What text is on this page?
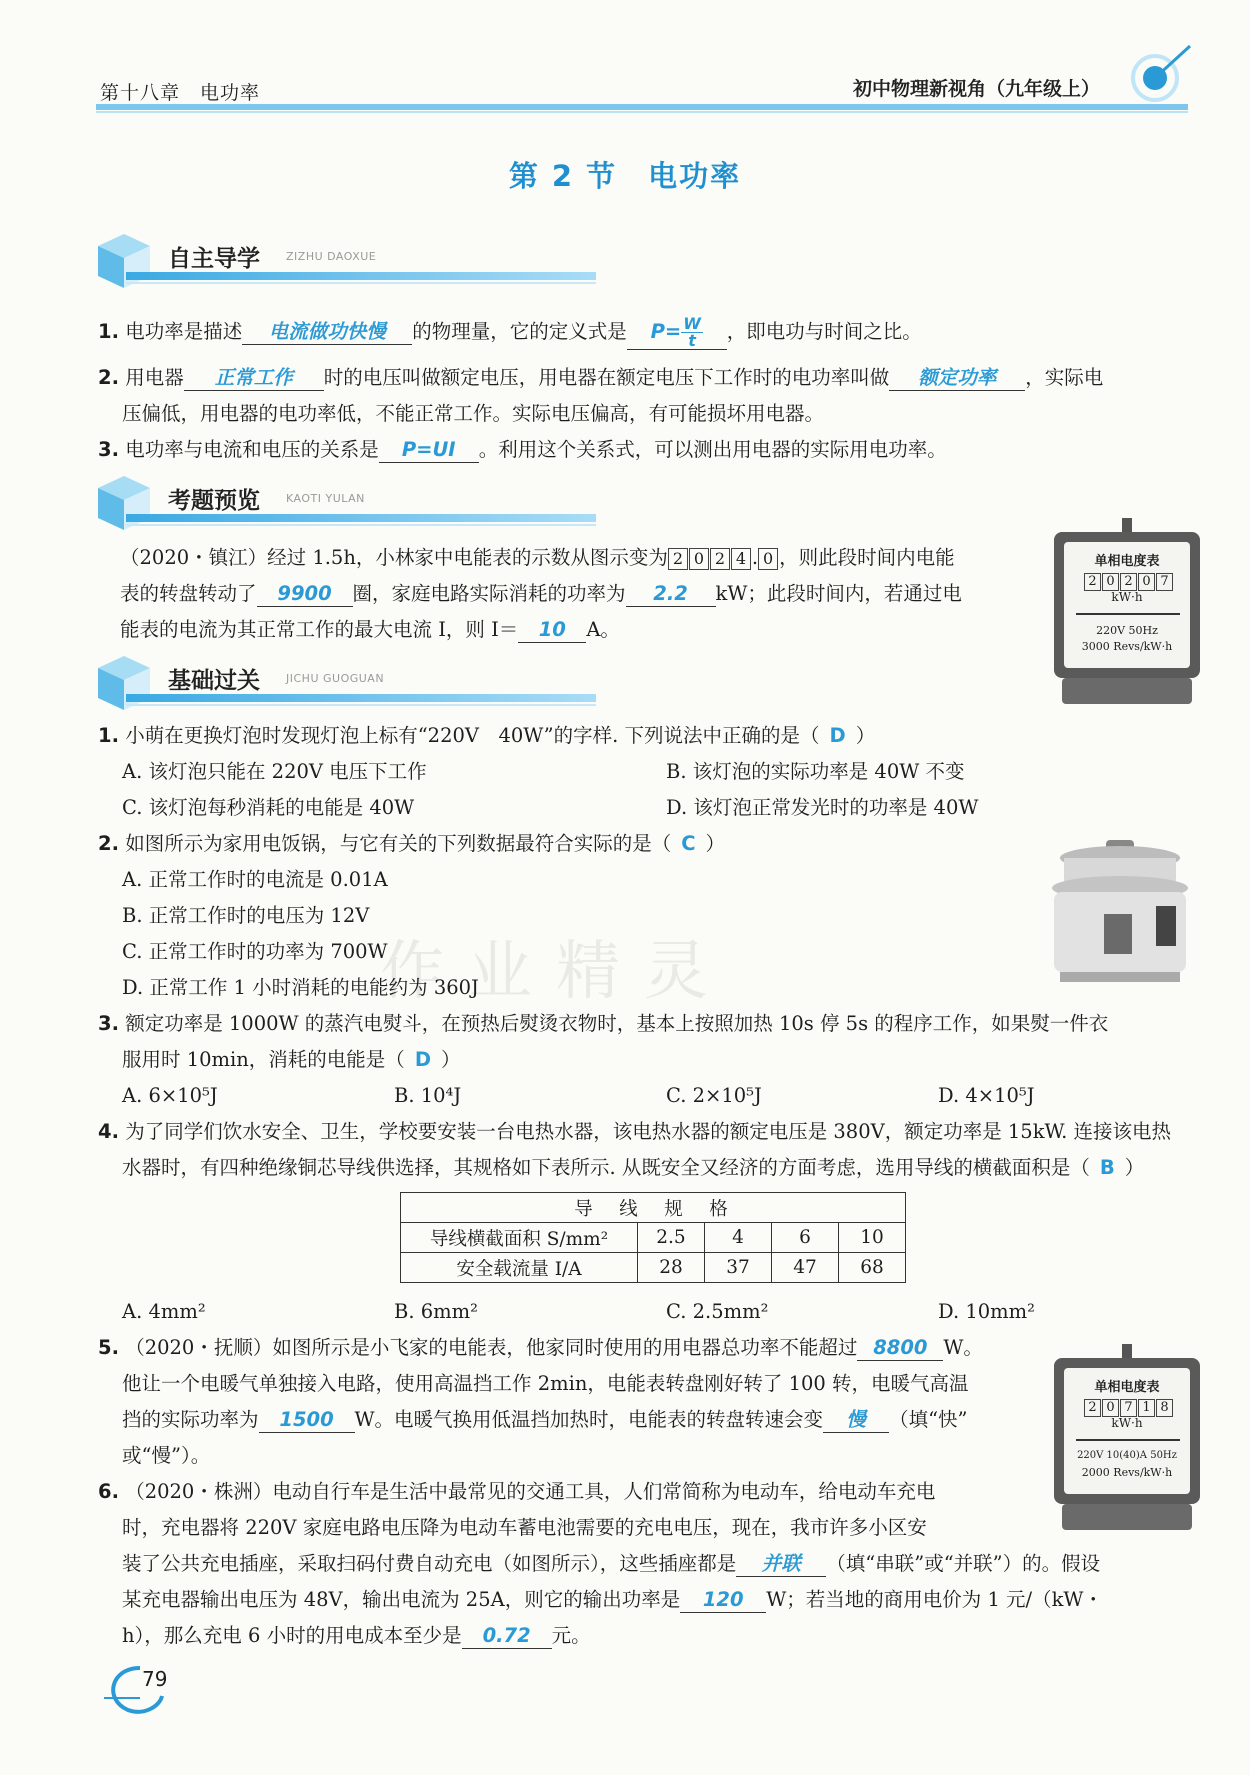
第十八章　电功率	初中物理新视角（九年级上）
第 2 节　电功率
作业精灵
自主导学 ZIZHU DAOXUE
1. 电功率是描述 电流做功快慢 的物理量，它的定义式是 $P= \frac{W}{t}$ ，即电功与时间之比。
2. 用电器 正常工作 时的电压叫做额定电压，用电器在额定电压下工作时的电功率叫做 额定功率 ，实际电
压偏低，用电器的电功率低，不能正常工作。实际电压偏高，有可能损坏用电器。
3. 电功率与电流和电压的关系是 P=UI 。利用这个关系式，可以测出用电器的实际用电功率。
考题预览 KAOTI YULAN
（2020・镇江）经过 1.5h，小林家中电能表的示数从图示变为 2 0 2 4 . 0 ，则此段时间内电能
表的转盘转动了 9900 圈，家庭电路实际消耗的功率为 2.2 kW；此段时间内，若通过电
能表的电流为其正常工作的最大电流 I，则 I＝ 10 A。
单相电度表
2 0 2 0 7
kW·h
220V 50Hz
3000 Revs/kW·h
基础过关 JICHU GUOGUAN
1. 小萌在更换灯泡时发现灯泡上标有“220V　40W”的字样. 下列说法中正确的是（ D ）
A. 该灯泡只能在 220V 电压下工作	B. 该灯泡的实际功率是 40W 不变
C. 该灯泡每秒消耗的电能是 40W	D. 该灯泡正常发光时的功率是 40W
2. 如图所示为家用电饭锅，与它有关的下列数据最符合实际的是（ C ）
A. 正常工作时的电流是 0.01A
B. 正常工作时的电压为 12V
C. 正常工作时的功率为 700W
D. 正常工作 1 小时消耗的电能约为 360J
3. 额定功率是 1000W 的蒸汽电熨斗，在预热后熨烫衣物时，基本上按照加热 10s 停 5s 的程序工作，如果熨一件衣
服用时 10min，消耗的电能是（ D ）
A. 6×10⁵J	B. 10⁴J	C. 2×10⁵J	D. 4×10⁵J
4. 为了同学们饮水安全、卫生，学校要安装一台电热水器，该电热水器的额定电压是 380V，额定功率是 15kW. 连接该电热
水器时，有四种绝缘铜芯导线供选择，其规格如下表所示. 从既安全又经济的方面考虑，选用导线的横截面积是（ B ）
导　线　规　格				
导线横截面积 S/mm²	2.5	4	6	10
安全载流量 I/A	28	37	47	68
A. 4mm²	B. 6mm²	C. 2.5mm²	D. 10mm²
5. （2020・抚顺）如图所示是小飞家的电能表，他家同时使用的用电器总功率不能超过 8800 W。
他让一个电暖气单独接入电路，使用高温挡工作 2min，电能表转盘刚好转了 100 转，电暖气高温
挡的实际功率为 1500 W。电暖气换用低温挡加热时，电能表的转盘转速会变 慢 （填“快”
或“慢”）。
单相电度表
2 0 7 1 8
kW·h
220V 10(40)A 50Hz
2000 Revs/kW·h
6. （2020・株洲）电动自行车是生活中最常见的交通工具，人们常简称为电动车，给电动车充电
时，充电器将 220V 家庭电路电压降为电动车蓄电池需要的充电电压，现在，我市许多小区安
装了公共充电插座，采取扫码付费自动充电（如图所示），这些插座都是 并联 （填“串联”或“并联”）的。假设
某充电器输出电压为 48V，输出电流为 25A，则它的输出功率是 120 W；若当地的商用电价为 1 元/（kW・
h），那么充电 6 小时的用电成本至少是 0.72 元。
79
